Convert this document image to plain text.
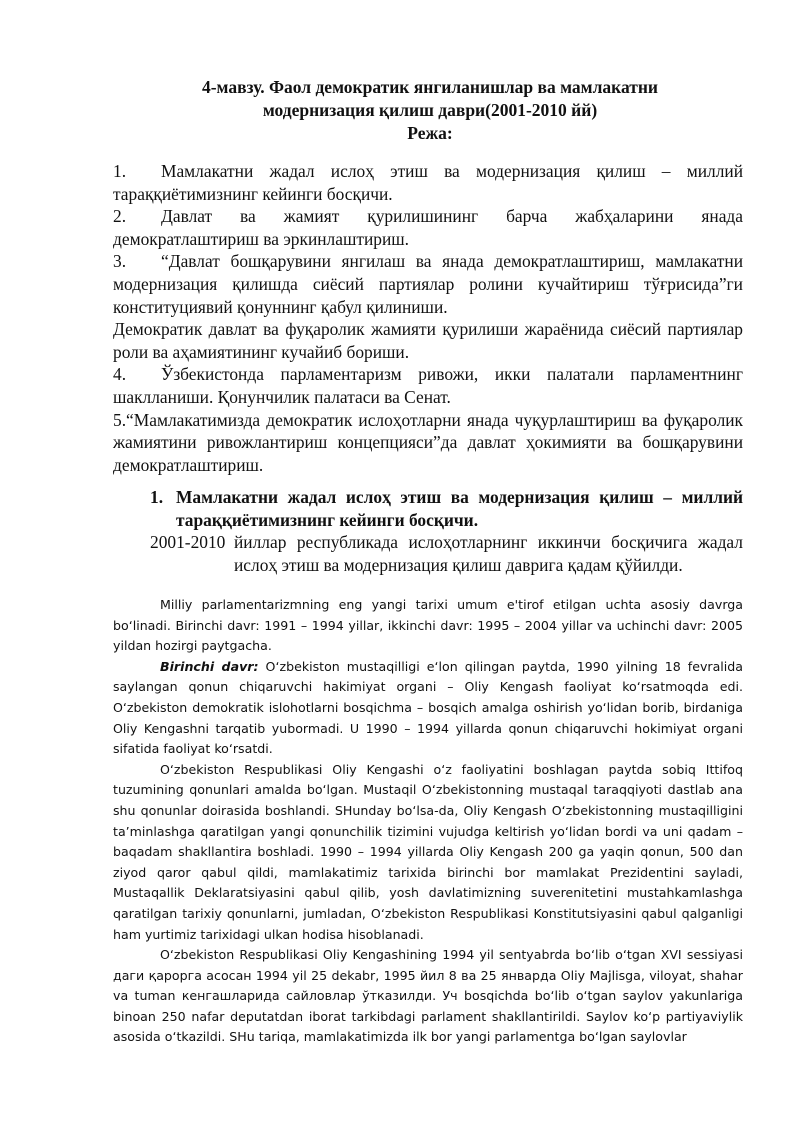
4-мавзу. Фаол демократик янгиланишлар ва мамлакатни
модернизация қилиш даври(2001-2010 йй)
Режа:

1. Мамлакатни жадал ислоҳ этиш ва модернизация қилиш – миллий тараққиётимизнинг кейинги босқичи.

2. Давлат ва жамият қурилишининг барча жабҳаларини янада демократлаштириш ва эркинлаштириш.

3. “Давлат бошқарувини янгилаш ва янада демократлаштириш, мамлакатни модернизация қилишда сиёсий партиялар ролини кучайтириш тўғрисида”ги конституциявий қонуннинг қабул қилиниши.

Демократик давлат ва фуқаролик жамияти қурилиши жараёнида сиёсий партиялар роли ва аҳамиятининг кучайиб бориши.

4. Ўзбекистонда парламентаризм ривожи, икки палатали парламентнинг шаклланиши. Қонунчилик палатаси ва Сенат.

5.“Мамлакатимизда демократик ислоҳотларни янада чуқурлаштириш ва фуқаролик жамиятини ривожлантириш концепцияси”да давлат ҳокимияти ва бошқарувини демократлаштириш.

1. Мамлакатни жадал ислоҳ этиш ва модернизация қилиш – миллий тараққиётимизнинг кейинги босқичи.
2001-2010 йиллар республикада ислоҳотларнинг иккинчи босқичига жадал ислоҳ этиш ва модернизация қилиш даврига қадам қўйилди.

Milliy parlamentarizmning eng yangi tarixi umum e'tirof etilgan uchta asosiy davrga bo‘linadi. Birinchi davr: 1991 – 1994 yillar, ikkinchi davr: 1995 – 2004 yillar va uchinchi davr: 2005 yildan hozirgi paytgacha.

Birinchi davr: O‘zbekiston mustaqilligi e‘lon qilingan paytda, 1990 yilning 18 fevralida saylangan qonun chiqaruvchi hakimiyat organi – Oliy Kengash faoliyat ko‘rsatmoqda edi. O‘zbekiston demokratik islohotlarni bosqichma – bosqich amalga oshirish yo‘lidan borib, birdaniga Oliy Kengashni tarqatib yubormadi. U 1990 – 1994 yillarda qonun chiqaruvchi hokimiyat organi sifatida faoliyat ko‘rsatdi.

O‘zbekiston Respublikasi Oliy Kengashi o‘z faoliyatini boshlagan paytda sobiq Ittifoq tuzumining qonunlari amalda bo‘lgan. Mustaqil O‘zbekistonning mustaqal taraqqiyoti dastlab ana shu qonunlar doirasida boshlandi. SHunday bo‘lsa-da, Oliy Kengash O‘zbekistonning mustaqilligini ta’minlashga qaratilgan yangi qonunchilik tizimini vujudga keltirish yo‘lidan bordi va uni qadam – baqadam shakllantira boshladi. 1990 – 1994 yillarda Oliy Kengash 200 ga yaqin qonun, 500 dan ziyod qaror qabul qildi, mamlakatimiz tarixida birinchi bor mamlakat Prezidentini sayladi, Mustaqallik Deklaratsiyasini qabul qilib, yosh davlatimizning suverenitetini mustahkamlashga qaratilgan tarixiy qonunlarni, jumladan, O‘zbekiston Respublikasi Konstitutsiyasini qabul qalganligi ham yurtimiz tarixidagi ulkan hodisa hisoblanadi.

O‘zbekiston Respublikasi Oliy Kengashining 1994 yil sentyabrda bo‘lib o‘tgan XVI sessiyasi даги қарорга асосан 1994 yil 25 dekabr, 1995 йил 8 ва 25 январда Oliy Majlisga, viloyat, shahar va tuman кенгашларида сайловлар ўтказилди. Уч bosqichda bo‘lib o‘tgan saylov yakunlariga binoan 250 nafar deputatdan iborat tarkibdagi parlament shakllantirildi. Saylov ko‘p partiyaviylik asosida o‘tkazildi. SHu tariqa, mamlakatimizda ilk bor yangi parlamentga bo‘lgan saylovlar
